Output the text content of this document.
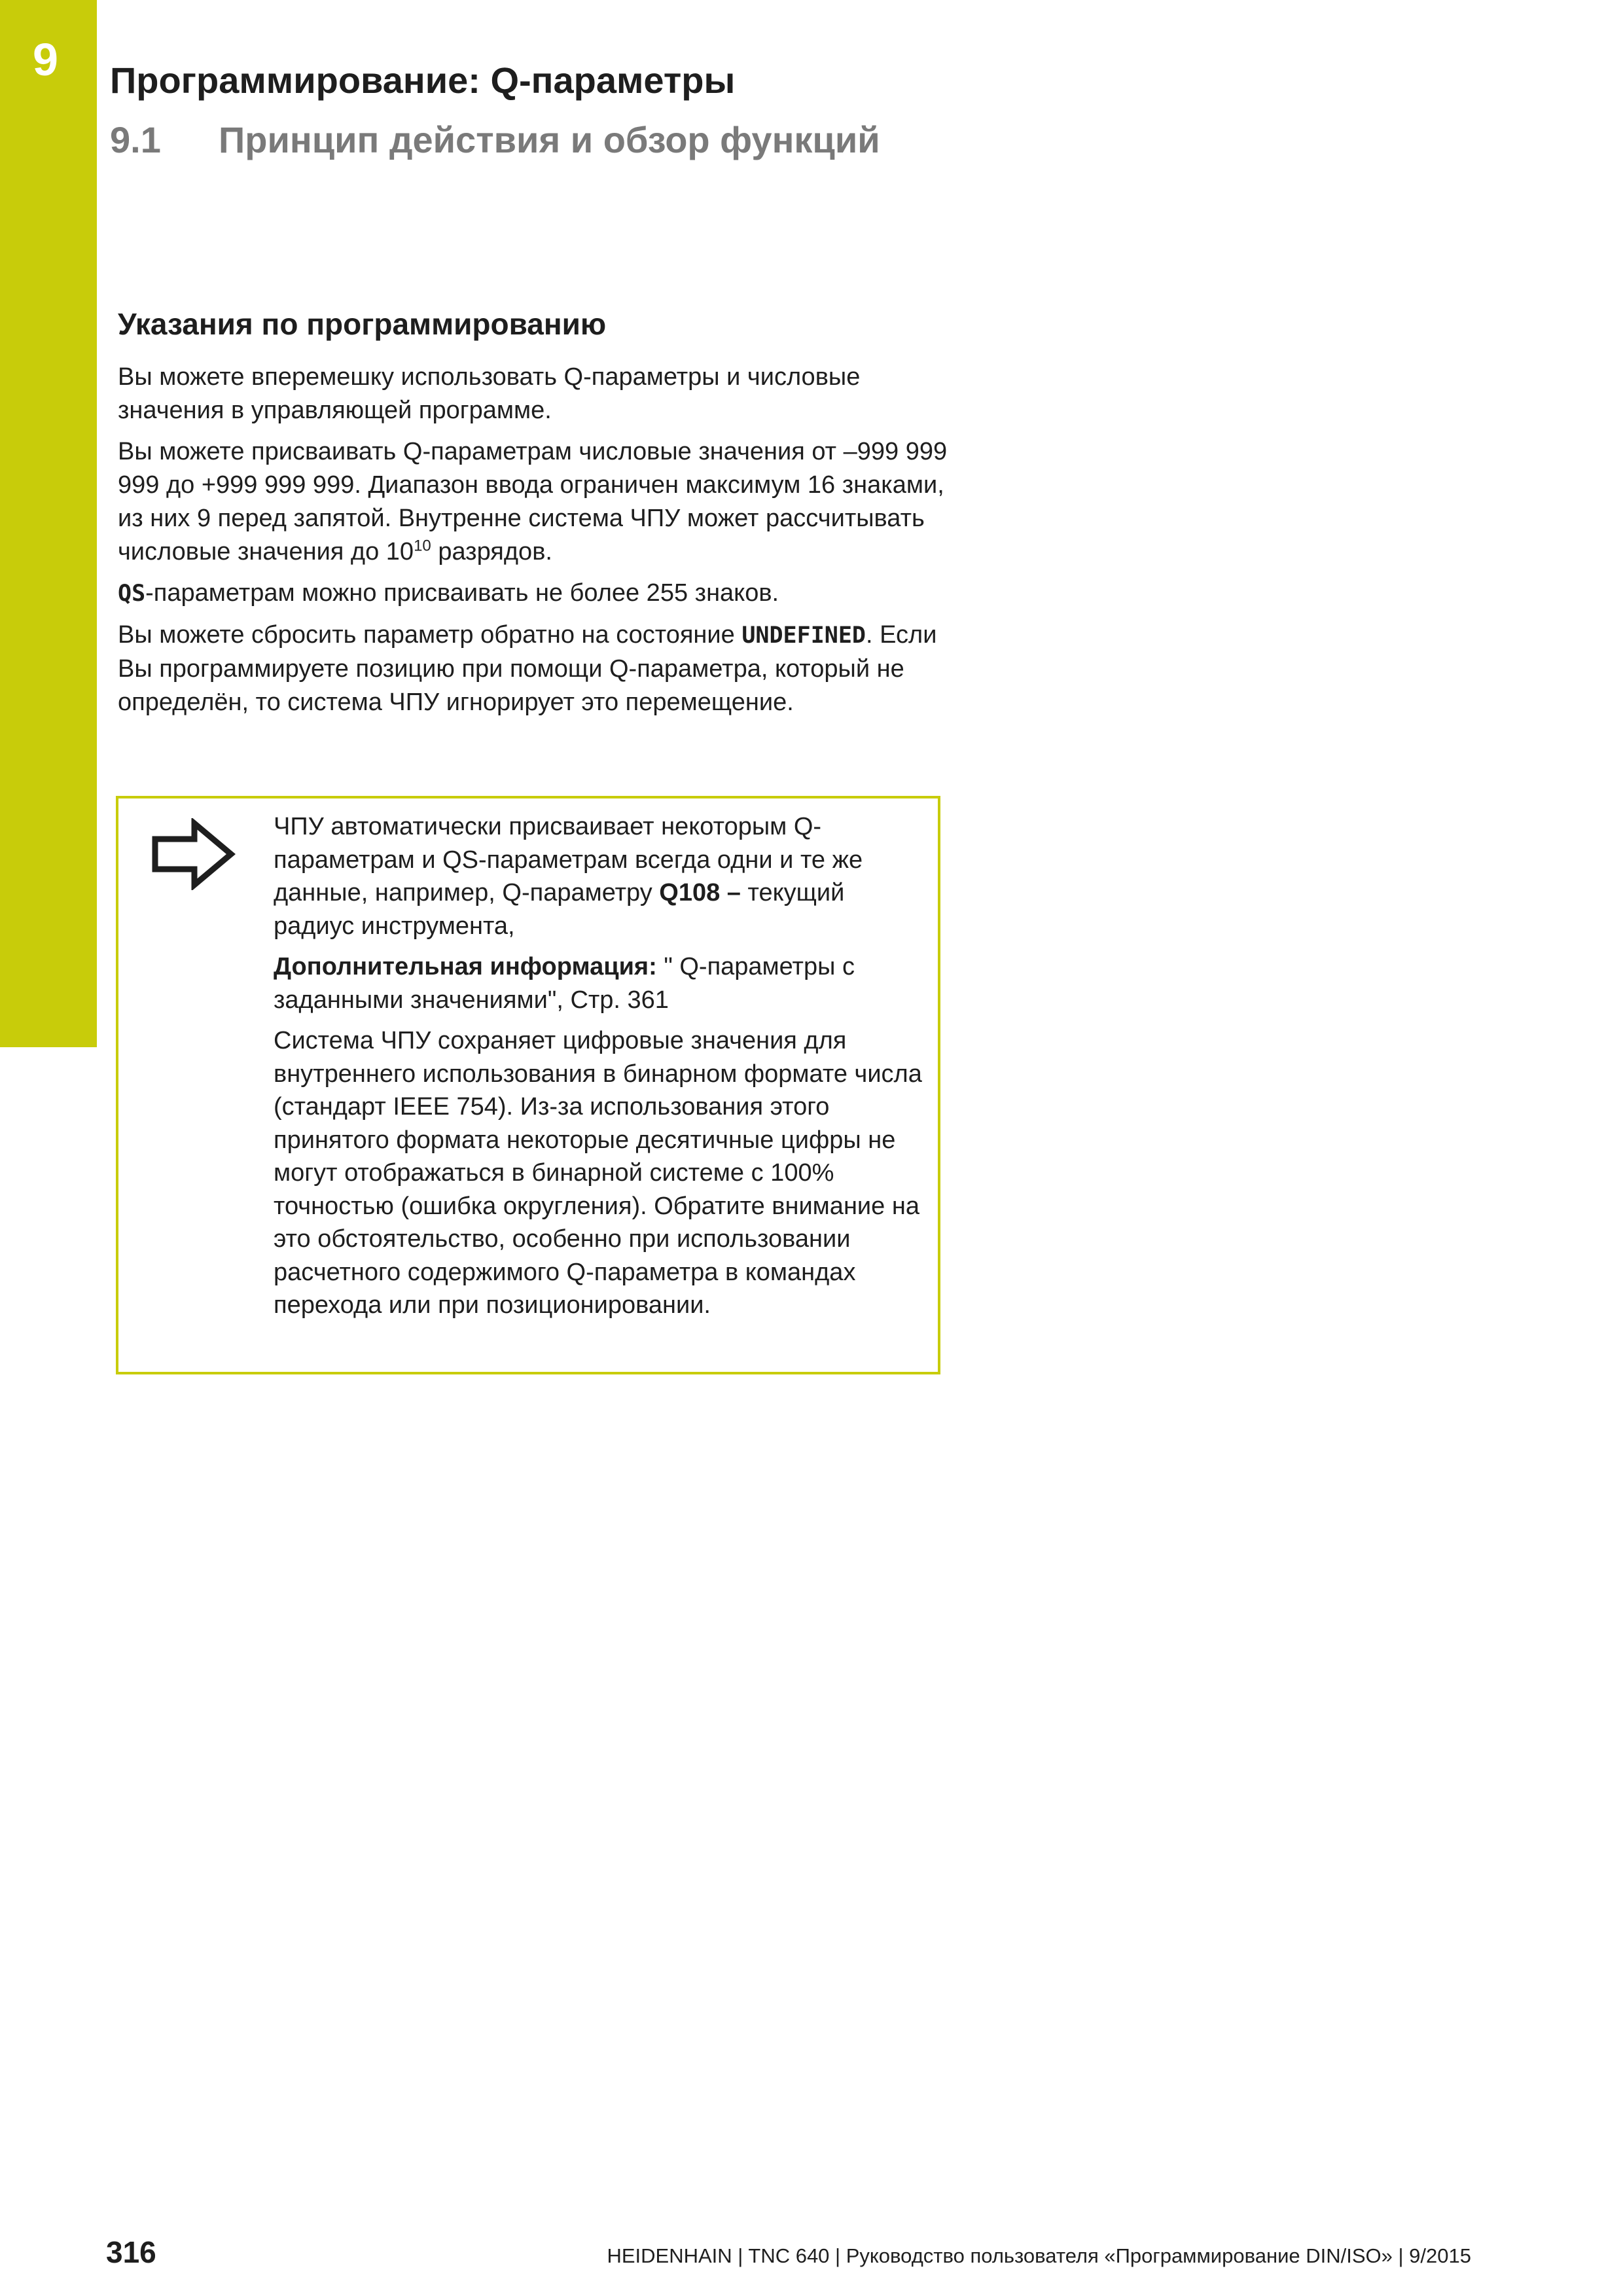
9 Программирование: Q-параметры
9.1 Принцип действия и обзор функций
Указания по программированию

Вы можете вперемешку использовать Q-параметры и числовые значения в управляющей программе.

Вы можете присваивать Q-параметрам числовые значения от –999 999 999 до +999 999 999. Диапазон ввода ограничен максимум 16 знаками, из них 9 перед запятой. Внутренне система ЧПУ может рассчитывать числовые значения до $10^{10}$ разрядов.

QS-параметрам можно присваивать не более 255 знаков.

Вы можете сбросить параметр обратно на состояние UNDEFINED. Если Вы программируете позицию при помощи Q-параметра, который не определён, то система ЧПУ игнорирует это перемещение.

ЧПУ автоматически присваивает некоторым Q-параметрам и QS-параметрам всегда одни и те же данные, например, Q-параметру Q108 – текущий радиус инструмента,

Дополнительная информация: " Q-параметры с заданными значениями", Стр. 361

Система ЧПУ сохраняет цифровые значения для внутреннего использования в бинарном формате числа (стандарт IEEE 754). Из-за использования этого принятого формата некоторые десятичные цифры не могут отображаться в бинарной системе с 100% точностью (ошибка округления). Обратите внимание на это обстоятельство, особенно при использовании расчетного содержимого Q-параметра в командах перехода или при позиционировании.

316	HEIDENHAIN | TNC 640 | Руководство пользователя «Программирование DIN/ISO» | 9/2015
